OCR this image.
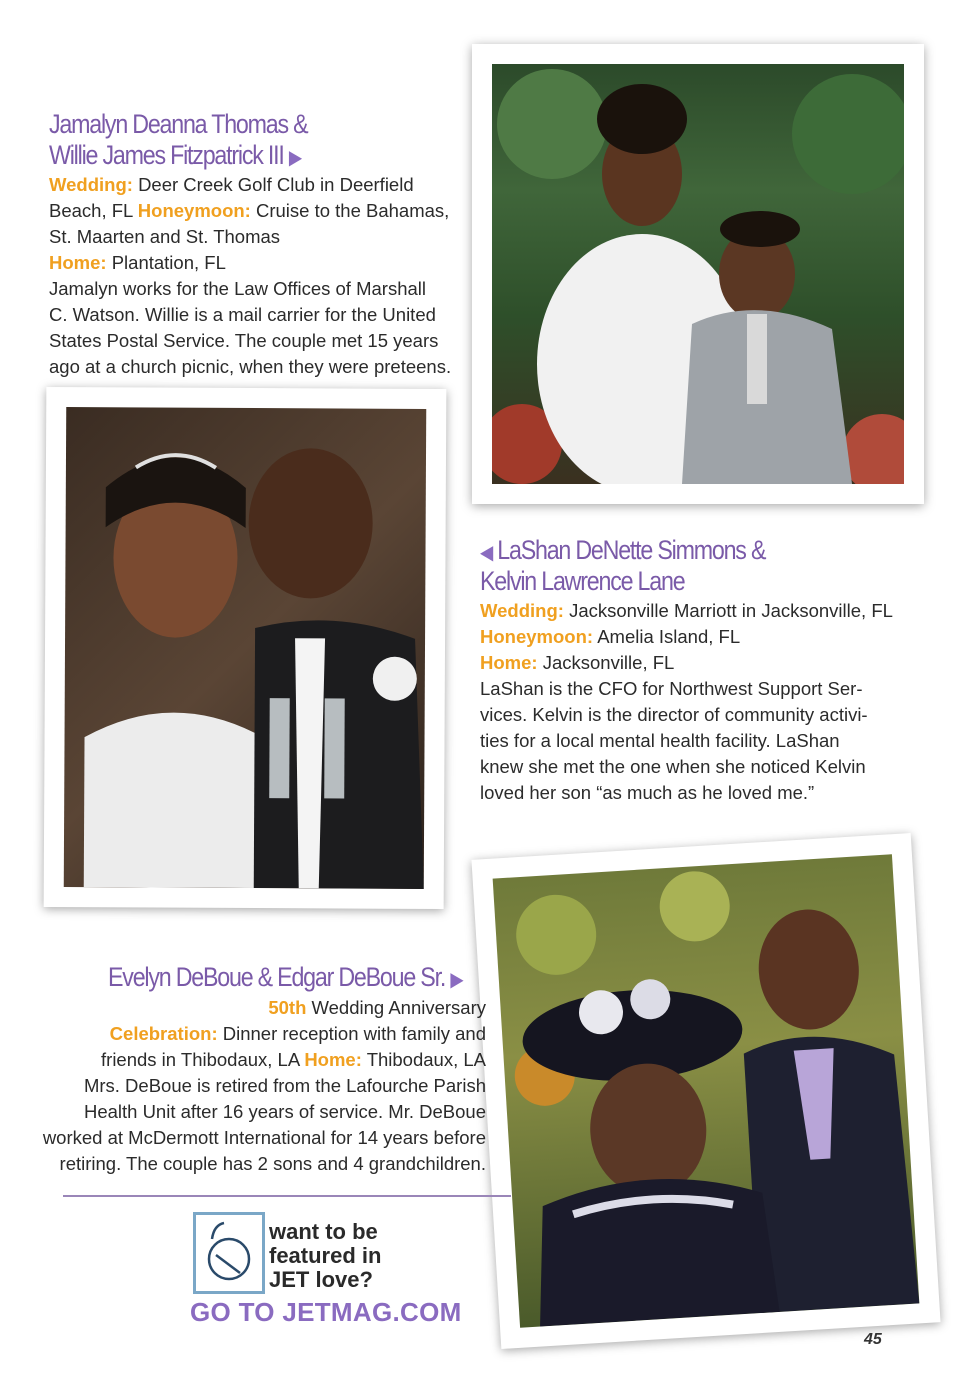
Jamalyn Deanna Thomas &
Willie James Fitzpatrick III ▶
Wedding: Deer Creek Golf Club in Deerfield
Beach, FL Honeymoon: Cruise to the Bahamas,
St. Maarten and St. Thomas
Home: Plantation, FL
Jamalyn works for the Law Offices of Marshall
C. Watson. Willie is a mail carrier for the United
States Postal Service. The couple met 15 years
ago at a church picnic, when they were preteens.
◀ LaShan DeNette Simmons &
Kelvin Lawrence Lane
Wedding: Jacksonville Marriott in Jacksonville, FL
Honeymoon: Amelia Island, FL
Home: Jacksonville, FL
LaShan is the CFO for Northwest Support Ser-
vices. Kelvin is the director of community activi-
ties for a local mental health facility. LaShan
knew she met the one when she noticed Kelvin
loved her son “as much as he loved me.”
Evelyn DeBoue & Edgar DeBoue Sr. ▶
50th Wedding Anniversary
Celebration: Dinner reception with family and
friends in Thibodaux, LA Home: Thibodaux, LA
Mrs. DeBoue is retired from the Lafourche Parish
Health Unit after 16 years of service. Mr. DeBoue
worked at McDermott International for 14 years before
retiring. The couple has 2 sons and 4 grandchildren.
want to be
featured in
JET love?
GO TO JETMAG.COM
45
